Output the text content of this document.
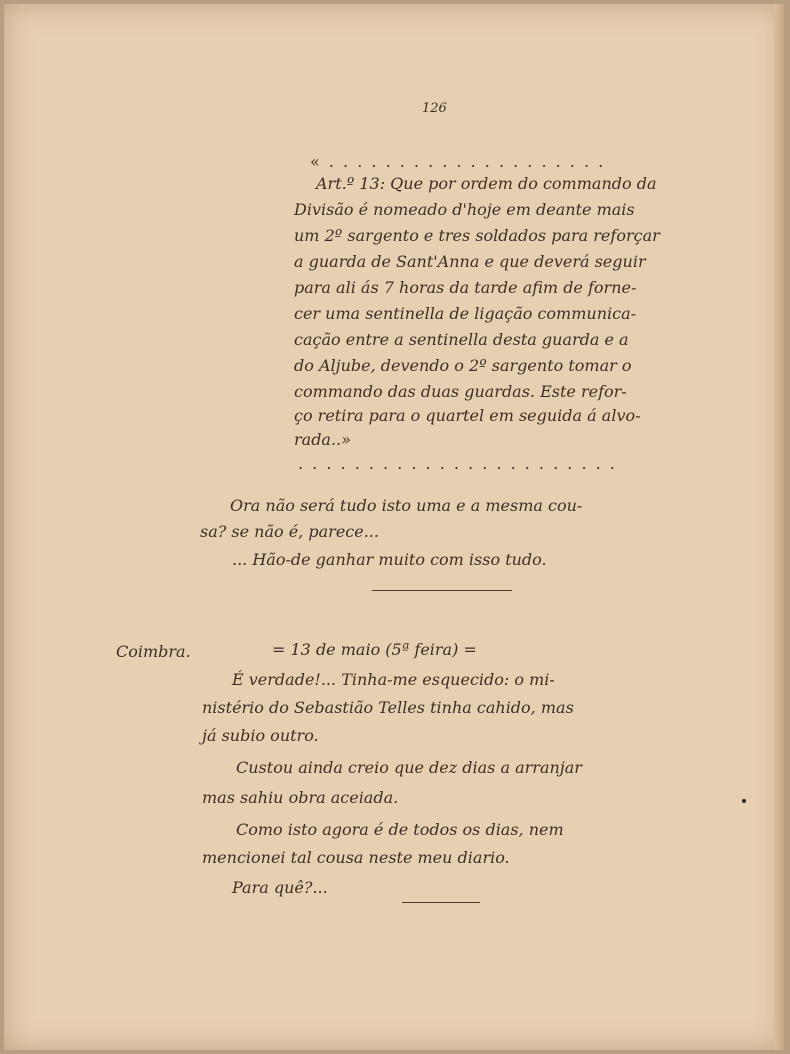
126
« . . . . . . . . . . . . . . . . . . . .
Art.º 13: Que por ordem do commando da
Divisão é nomeado d'hoje em deante mais
um 2º sargento e tres soldados para reforçar
a guarda de Sant'Anna e que deverá seguir
para ali ás 7 horas da tarde afim de forne-
cer uma sentinella de ligação communica-
cação entre a sentinella desta guarda e a
do Aljube, devendo o 2º sargento tomar o
commando das duas guardas. Este refor-
ço retira para o quartel em seguida á alvo-
rada..»
. . . . . . . . . . . . . . . . . . . . . . .
Ora não será tudo isto uma e a mesma cou-
sa? se não é, parece...
... Hão-de ganhar muito com isso tudo.
Coimbra.	= 13 de maio (5ª feira) =
É verdade!... Tinha-me esquecido: o mi-
nistério do Sebastião Telles tinha cahido, mas
já subio outro.
Custou ainda creio que dez dias a arranjar
mas sahiu obra aceiada.
Como isto agora é de todos os dias, nem
mencionei tal cousa neste meu diario.
Para quê?...
